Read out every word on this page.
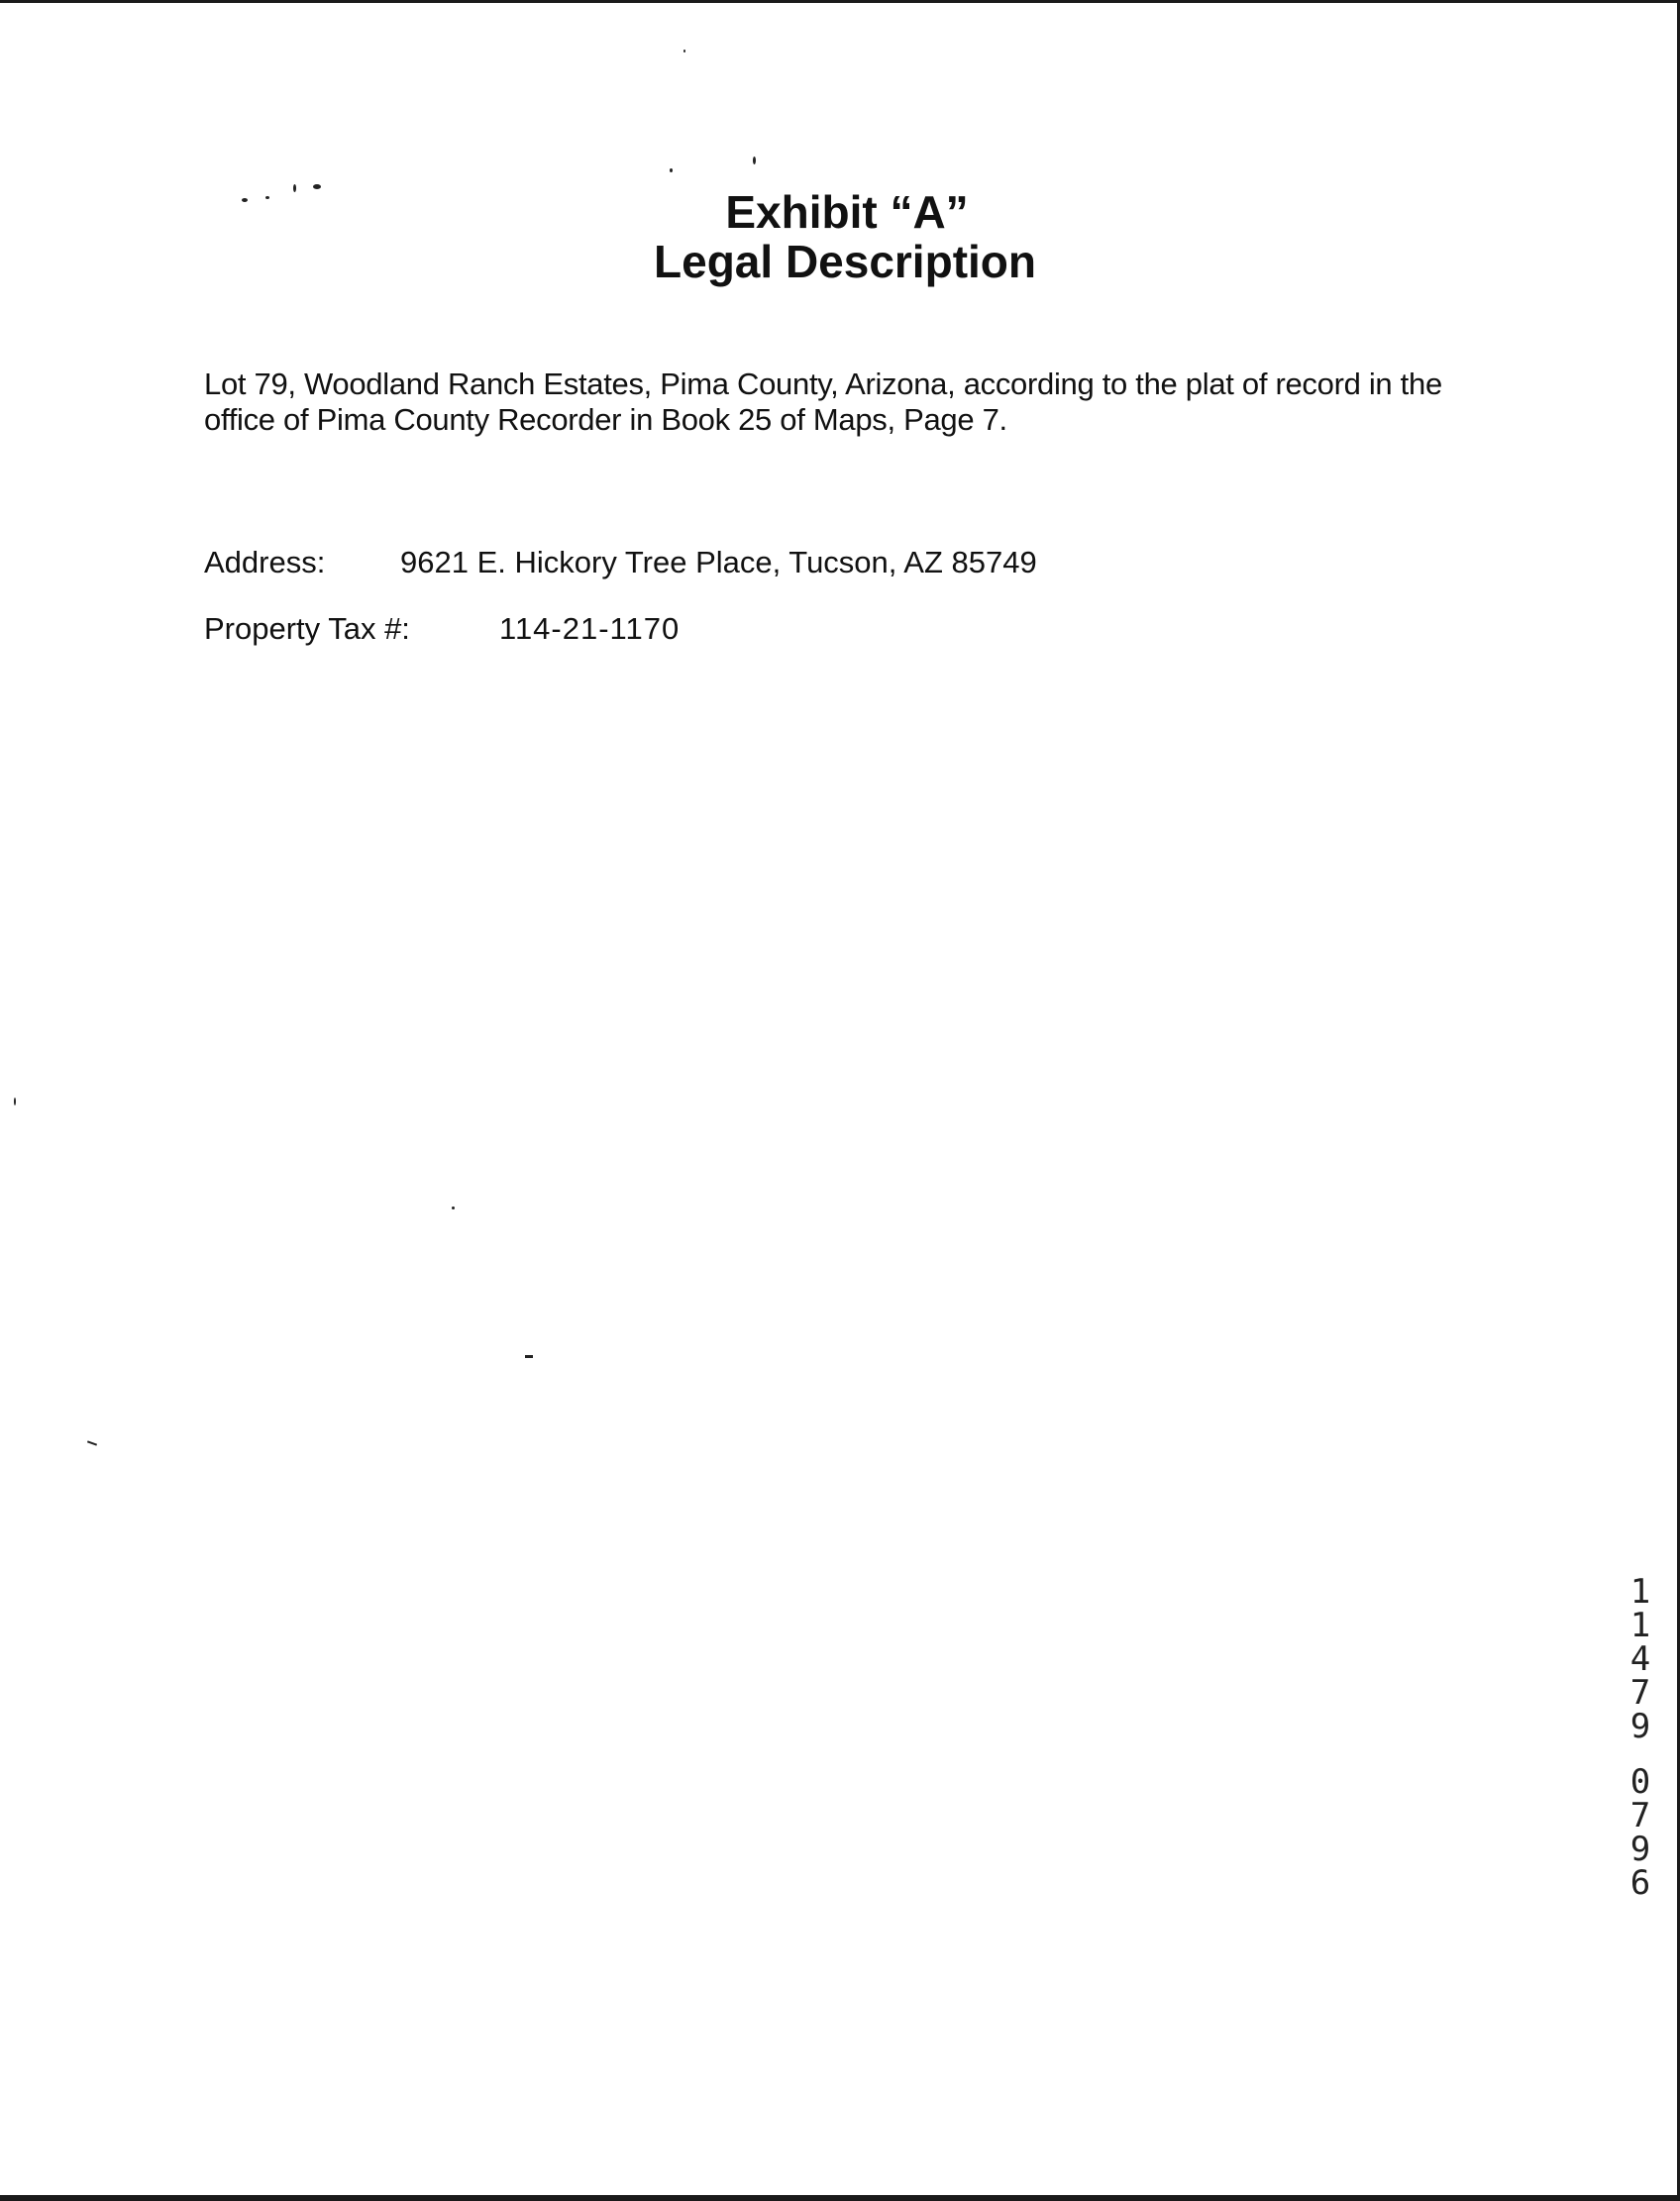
Exhibit “A”
Legal Description
Lot 79, Woodland Ranch Estates, Pima County, Arizona, according to the plat of record in the office of Pima County Recorder in Book 25 of Maps, Page 7.
Address: 9621 E. Hickory Tree Place, Tucson, AZ 85749
Property Tax #:	114-21-1170
1
1
4
7
9
0
7
9
6
